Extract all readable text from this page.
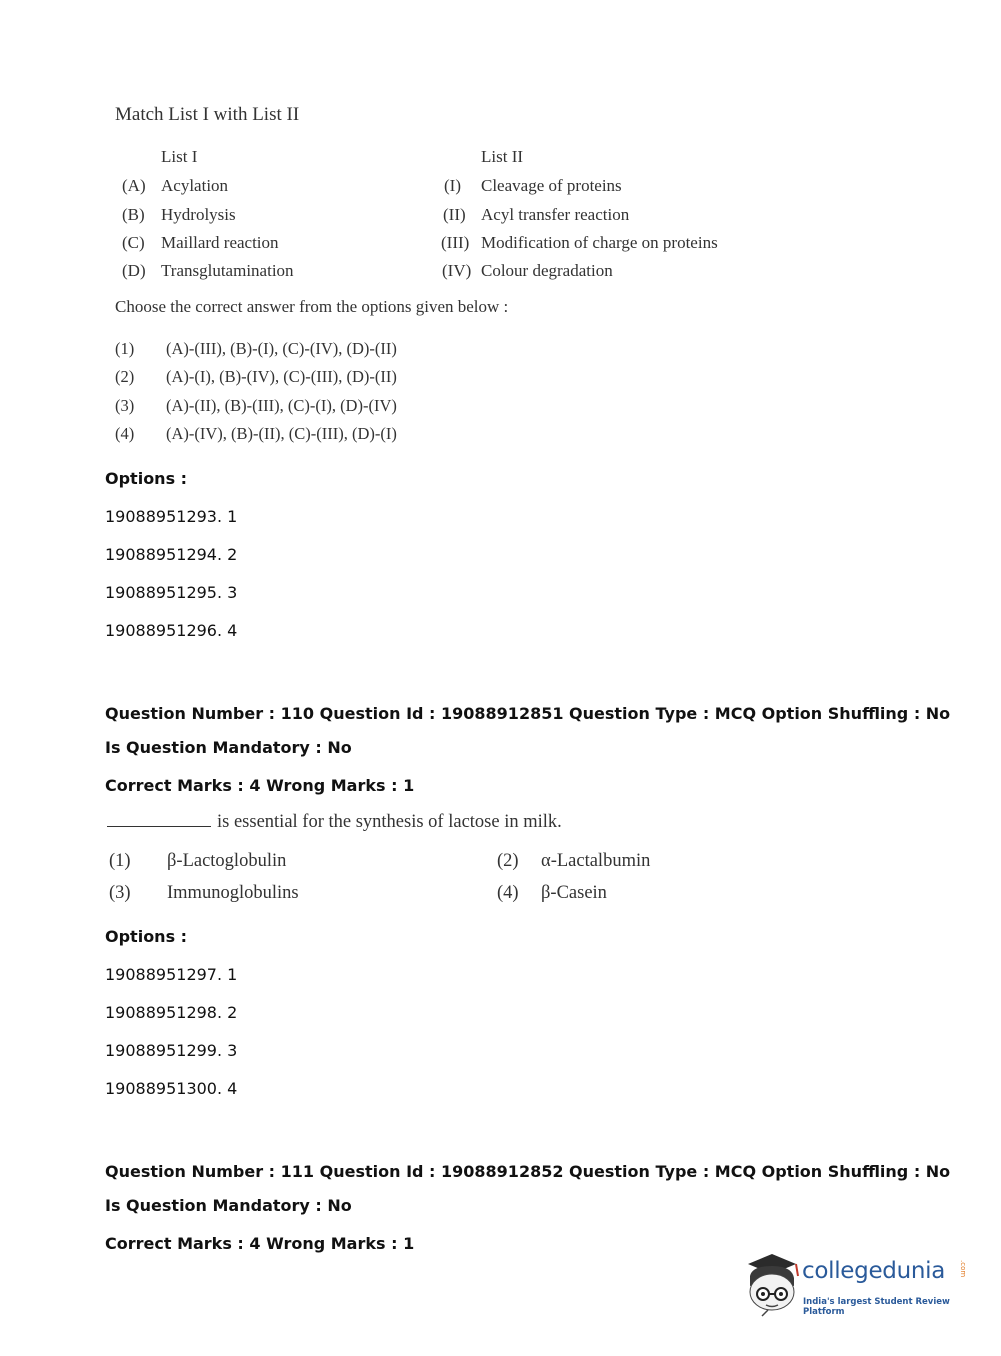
Match List I with List II
List I	List II
(A) Acylation	(I) Cleavage of proteins
(B) Hydrolysis	(II) Acyl transfer reaction
(C) Maillard reaction	(III) Modification of charge on proteins
(D) Transglutamination	(IV) Colour degradation
Choose the correct answer from the options given below :
(1) (A)-(III), (B)-(I), (C)-(IV), (D)-(II)
(2) (A)-(I), (B)-(IV), (C)-(III), (D)-(II)
(3) (A)-(II), (B)-(III), (C)-(I), (D)-(IV)
(4) (A)-(IV), (B)-(II), (C)-(III), (D)-(I)
Options :
19088951293. 1
19088951294. 2
19088951295. 3
19088951296. 4
Question Number : 110 Question Id : 19088912851 Question Type : MCQ Option Shuffling : No
Is Question Mandatory : No
Correct Marks : 4 Wrong Marks : 1
is essential for the synthesis of lactose in milk.
(1) β-Lactoglobulin	(2) α-Lactalbumin
(3) Immunoglobulins	(4) β-Casein
Options :
19088951297. 1
19088951298. 2
19088951299. 3
19088951300. 4
Question Number : 111 Question Id : 19088912852 Question Type : MCQ Option Shuffling : No
Is Question Mandatory : No
Correct Marks : 4 Wrong Marks : 1
collegedunia .com
India's largest Student Review Platform
